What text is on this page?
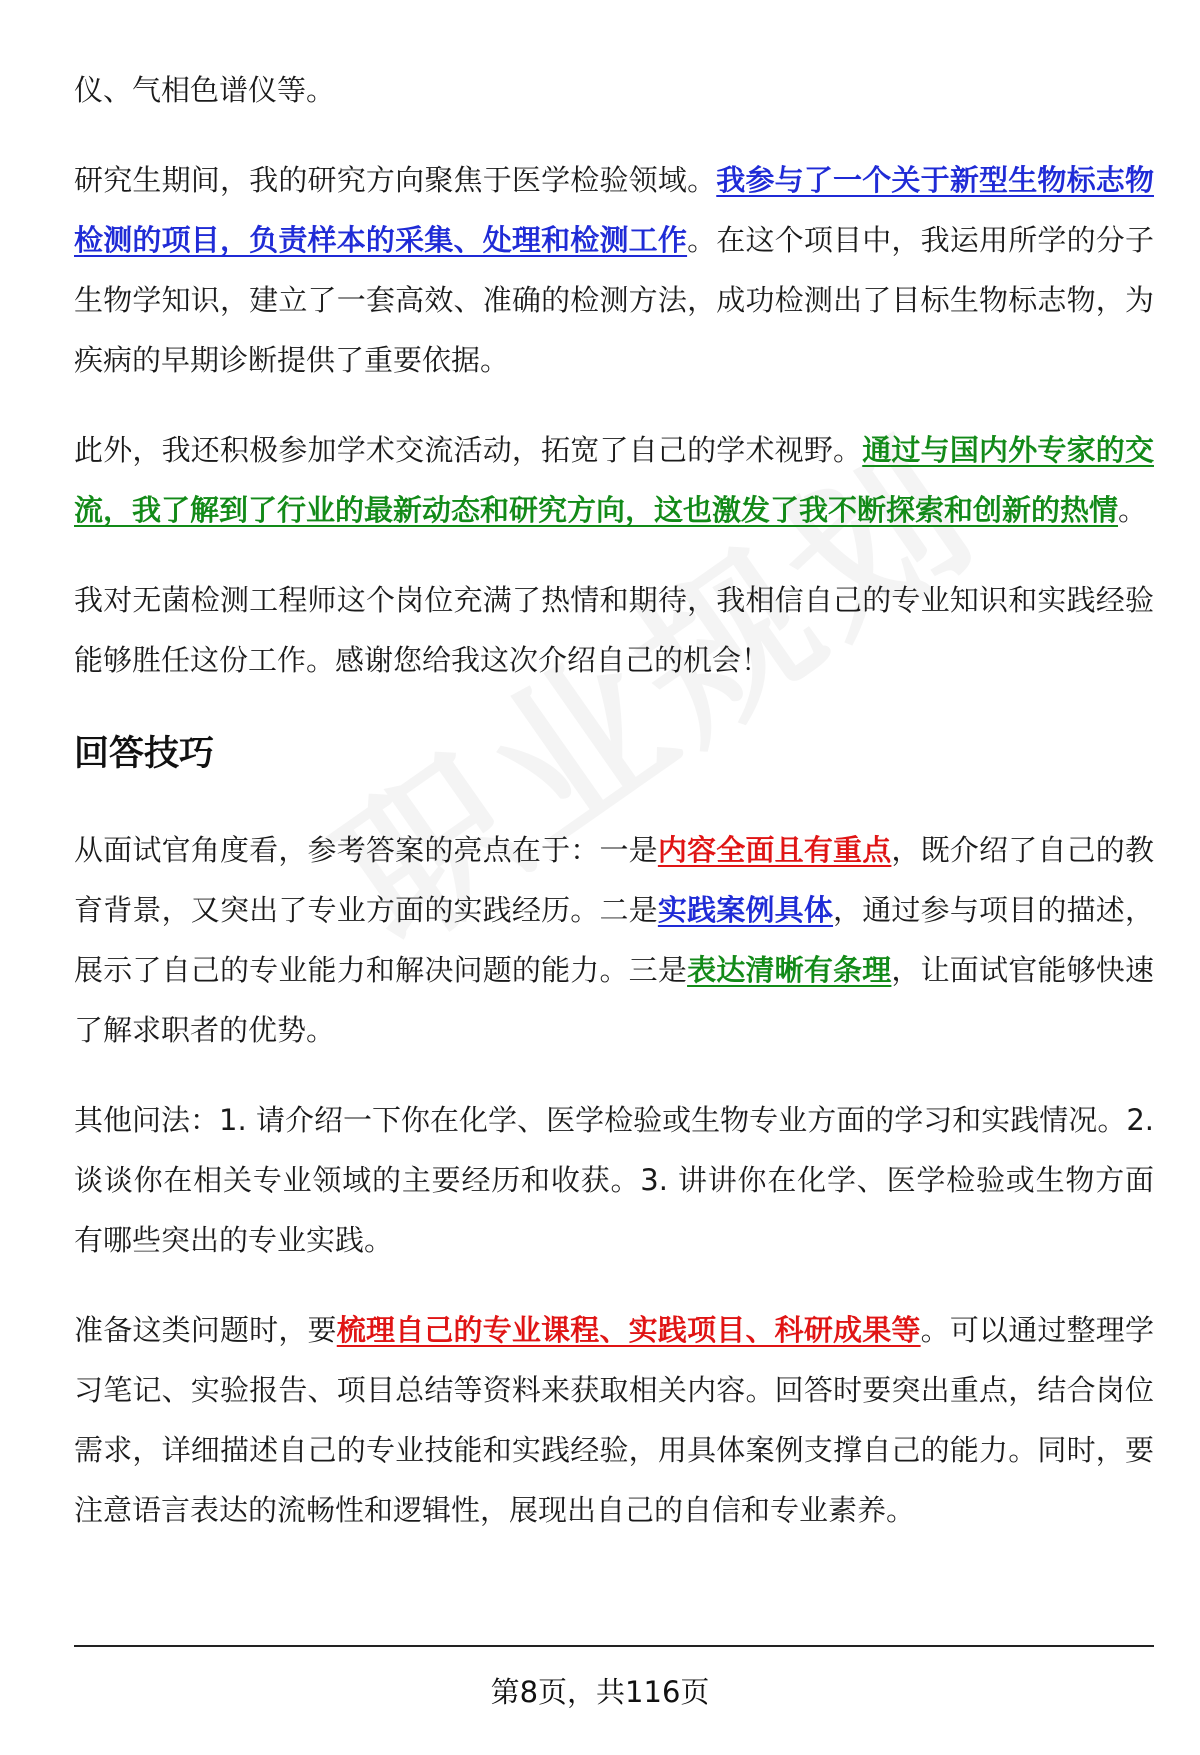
仪、气相色谱仪等。

研究生期间，我的研究方向聚焦于医学检验领域。我参与了一个关于新型生物标志物检测的项目，负责样本的采集、处理和检测工作。在这个项目中，我运用所学的分子生物学知识，建立了一套高效、准确的检测方法，成功检测出了目标生物标志物，为疾病的早期诊断提供了重要依据。

此外，我还积极参加学术交流活动，拓宽了自己的学术视野。通过与国内外专家的交流，我了解到了行业的最新动态和研究方向，这也激发了我不断探索和创新的热情。

我对无菌检测工程师这个岗位充满了热情和期待，我相信自己的专业知识和实践经验能够胜任这份工作。感谢您给我这次介绍自己的机会！

回答技巧

从面试官角度看，参考答案的亮点在于：一是内容全面且有重点，既介绍了自己的教育背景，又突出了专业方面的实践经历。二是实践案例具体，通过参与项目的描述，展示了自己的专业能力和解决问题的能力。三是表达清晰有条理，让面试官能够快速了解求职者的优势。

其他问法：1. 请介绍一下你在化学、医学检验或生物专业方面的学习和实践情况。2. 谈谈你在相关专业领域的主要经历和收获。3. 讲讲你在化学、医学检验或生物方面有哪些突出的专业实践。

准备这类问题时，要梳理自己的专业课程、实践项目、科研成果等。可以通过整理学习笔记、实验报告、项目总结等资料来获取相关内容。回答时要突出重点，结合岗位需求，详细描述自己的专业技能和实践经验，用具体案例支撑自己的能力。同时，要注意语言表达的流畅性和逻辑性，展现出自己的自信和专业素养。

第8页，共116页
